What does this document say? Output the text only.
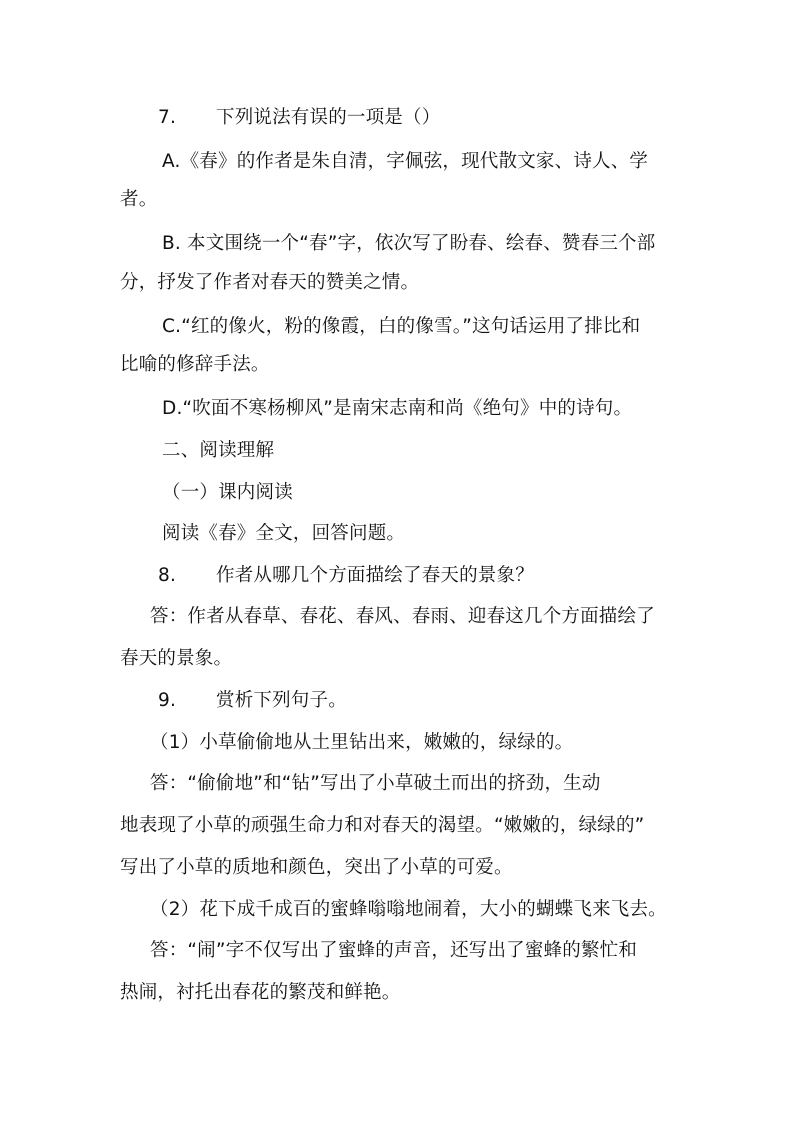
7. 下列说法有误的一项是（）
A.《春》的作者是朱自清，字佩弦，现代散文家、诗人、学
者。
B. 本文围绕一个“春”字，依次写了盼春、绘春、赞春三个部
分，抒发了作者对春天的赞美之情。
C.“红的像火，粉的像霞，白的像雪。”这句话运用了排比和
比喻的修辞手法。
D.“吹面不寒杨柳风”是南宋志南和尚《绝句》中的诗句。
二、阅读理解
（一）课内阅读
阅读《春》全文，回答问题。
8. 作者从哪几个方面描绘了春天的景象？
答：作者从春草、春花、春风、春雨、迎春这几个方面描绘了
春天的景象。
9. 赏析下列句子。
（1）小草偷偷地从土里钻出来，嫩嫩的，绿绿的。
答：“偷偷地”和“钻”写出了小草破土而出的挤劲，生动
地表现了小草的顽强生命力和对春天的渴望。“嫩嫩的，绿绿的”
写出了小草的质地和颜色，突出了小草的可爱。
（2）花下成千成百的蜜蜂嗡嗡地闹着，大小的蝴蝶飞来飞去。
答：“闹”字不仅写出了蜜蜂的声音，还写出了蜜蜂的繁忙和
热闹，衬托出春花的繁茂和鲜艳。
